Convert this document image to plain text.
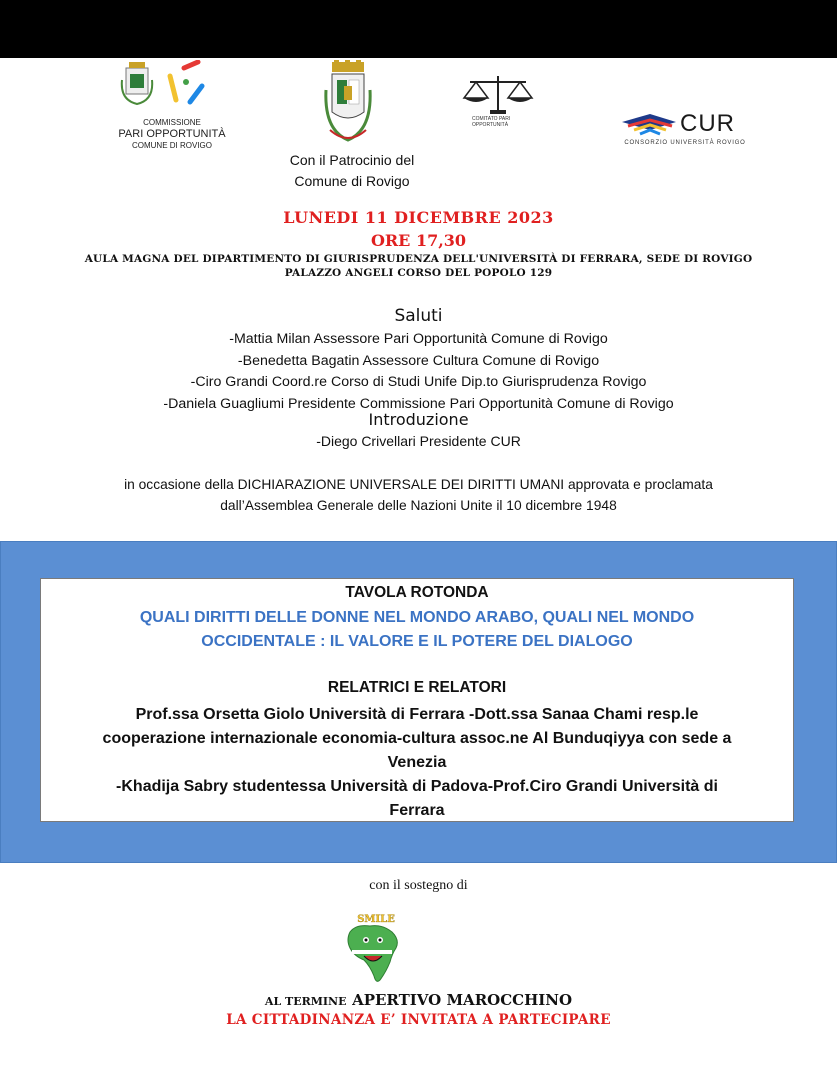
COMMISSIONE
PARI OPPORTUNITÀ
COMUNE DI ROVIGO
COMITATO PARI
OPPORTUNITÀ	CUR
CONSORZIO UNIVERSITÀ ROVIGO
Con il Patrocinio del
Comune di Rovigo
LUNEDI 11 DICEMBRE 2023
ORE 17,30
AULA MAGNA DEL DIPARTIMENTO DI GIURISPRUDENZA DELL'UNIVERSITÀ DI FERRARA, SEDE DI ROVIGO
PALAZZO ANGELI CORSO DEL POPOLO 129
Saluti
-Mattia Milan Assessore Pari Opportunità Comune di Rovigo
-Benedetta Bagatin Assessore Cultura Comune di Rovigo
-Ciro Grandi Coord.re Corso di Studi Unife Dip.to Giurisprudenza Rovigo
-Daniela Guagliumi Presidente Commissione Pari Opportunità Comune di Rovigo
Introduzione
-Diego Crivellari Presidente CUR
in occasione della DICHIARAZIONE UNIVERSALE DEI DIRITTI UMANI approvata e proclamata
dall’Assemblea Generale delle Nazioni Unite il 10 dicembre 1948
TAVOLA ROTONDA
QUALI DIRITTI DELLE DONNE NEL MONDO ARABO, QUALI NEL MONDO
OCCIDENTALE : IL VALORE E IL POTERE DEL DIALOGO
RELATRICI E RELATORI
Prof.ssa Orsetta Giolo Università di Ferrara -Dott.ssa Sanaa Chami resp.le
cooperazione internazionale economia-cultura assoc.ne Al Bunduqiyya con sede a
Venezia
-Khadija Sabry studentessa Università di Padova-Prof.Ciro Grandi Università di
Ferrara
con il sostegno di
SMILE
AL TERMINE APERTIVO MAROCCHINO
LA CITTADINANZA E’ INVITATA A PARTECIPARE
